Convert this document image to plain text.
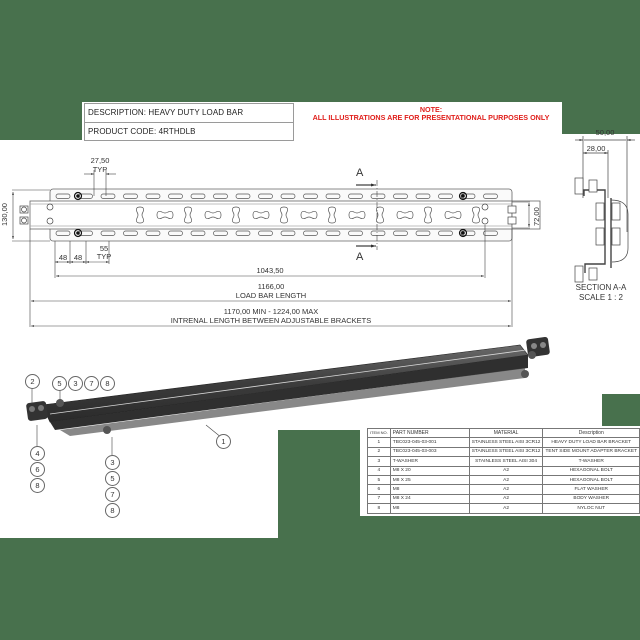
DESCRIPTION: HEAVY DUTY LOAD BAR
PRODUCT CODE: 4RTHDLB
NOTE:
ALL ILLUSTRATIONS ARE FOR PRESENTATIONAL PURPOSES ONLY
27,50
TYP
130,00	72,00
48 48
55
TYP
1043,50
1166,00
LOAD BAR LENGTH
1170,00 MIN - 1224,00 MAX
INTRENAL LENGTH BETWEEN ADJUSTABLE BRACKETS
A
A
50,00
28,00
SECTION A-A
SCALE 1 : 2
2	5	3	7	8
4
6
8
3
5
7
8
1
ITEM NO.	PART NUMBER	MATERIAL	Description
1	TBC023-045-03-001	STAINLESS STEEL AISI 3CR12	HEAVY DUTY LOAD BAR BRACKET
2	TBC023-045-03-003	STAINLESS STEEL AISI 3CR12	TENT SIDE MOUNT ADAPTER BRACKET
3	T-WASHER	STAINLESS STEEL AISI 304	T-WASHER
4	M8 X 20	A2	HEXAGONAL BOLT
5	M8 X 25	A2	HEXAGONAL BOLT
6	M8	A2	FLAT WASHER
7	M8 X 24	A2	BODY WASHER
8	M8	A2	NYLOC NUT
